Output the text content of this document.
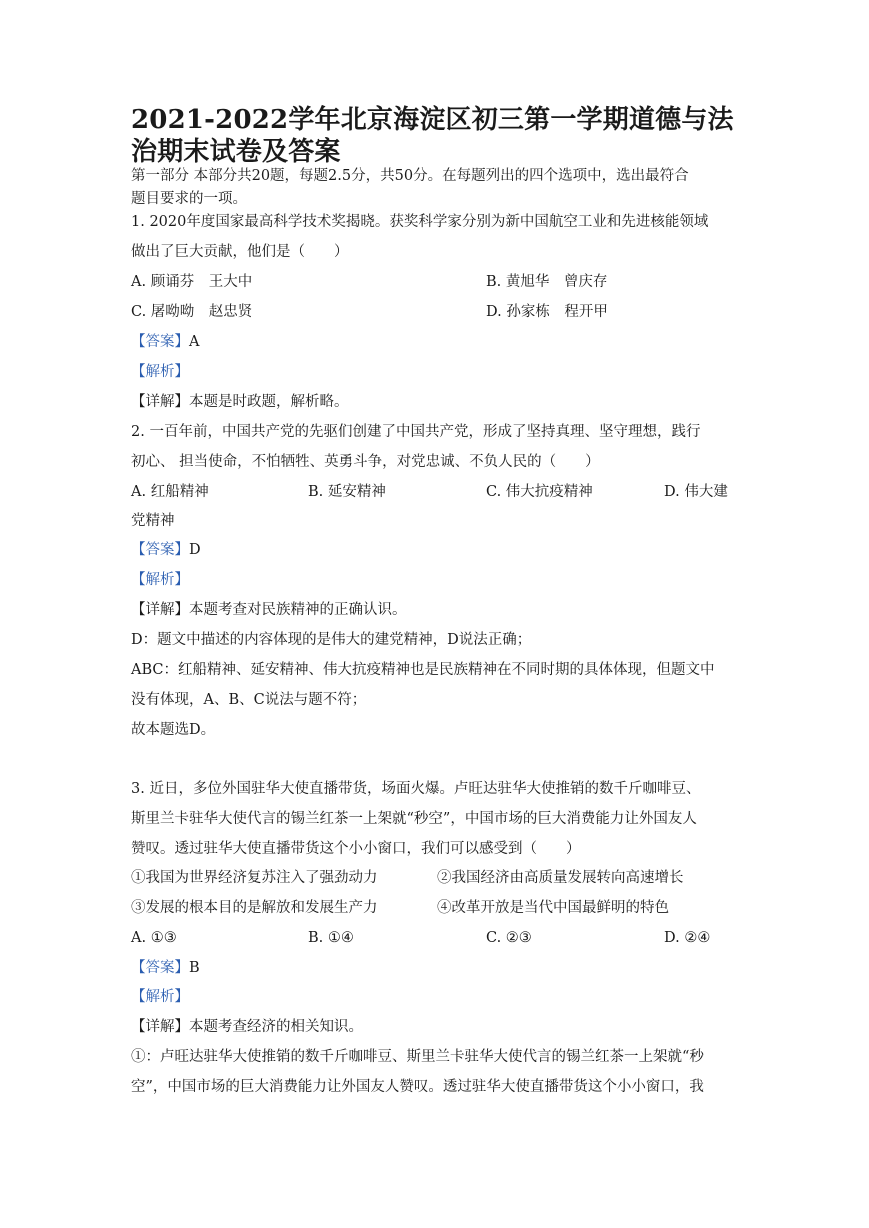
2021-2022学年北京海淀区初三第一学期道德与法治期末试卷及答案
第一部分 本部分共20题，每题2.5分，共50分。在每题列出的四个选项中，选出最符合
题目要求的一项。
1. 2020年度国家最高科学技术奖揭晓。获奖科学家分别为新中国航空工业和先进核能领域
做出了巨大贡献，他们是（　　）
A. 顾诵芬　王大中	B. 黄旭华　曾庆存
C. 屠呦呦　赵忠贤	D. 孙家栋　程开甲
【答案】A
【解析】
【详解】本题是时政题，解析略。
2. 一百年前，中国共产党的先驱们创建了中国共产党，形成了坚持真理、坚守理想，践行
初心、 担当使命，不怕牺牲、英勇斗争，对党忠诚、不负人民的（　　）
A. 红船精神	B. 延安精神	C. 伟大抗疫精神	D. 伟大建
党精神
【答案】D
【解析】
【详解】本题考查对民族精神的正确认识。
D：题文中描述的内容体现的是伟大的建党精神，D说法正确；
ABC：红船精神、延安精神、伟大抗疫精神也是民族精神在不同时期的具体体现，但题文中
没有体现，A、B、C说法与题不符；
故本题选D。
3. 近日，多位外国驻华大使直播带货，场面火爆。卢旺达驻华大使推销的数千斤咖啡豆、
斯里兰卡驻华大使代言的锡兰红茶一上架就“秒空”，中国市场的巨大消费能力让外国友人
赞叹。透过驻华大使直播带货这个小小窗口，我们可以感受到（　　）
①我国为世界经济复苏注入了强劲动力	②我国经济由高质量发展转向高速增长
③发展的根本目的是解放和发展生产力	④改革开放是当代中国最鲜明的特色
A. ①③	B. ①④	C. ②③	D. ②④
【答案】B
【解析】
【详解】本题考查经济的相关知识。
①：卢旺达驻华大使推销的数千斤咖啡豆、斯里兰卡驻华大使代言的锡兰红茶一上架就“秒
空”，中国市场的巨大消费能力让外国友人赞叹。透过驻华大使直播带货这个小小窗口，我
